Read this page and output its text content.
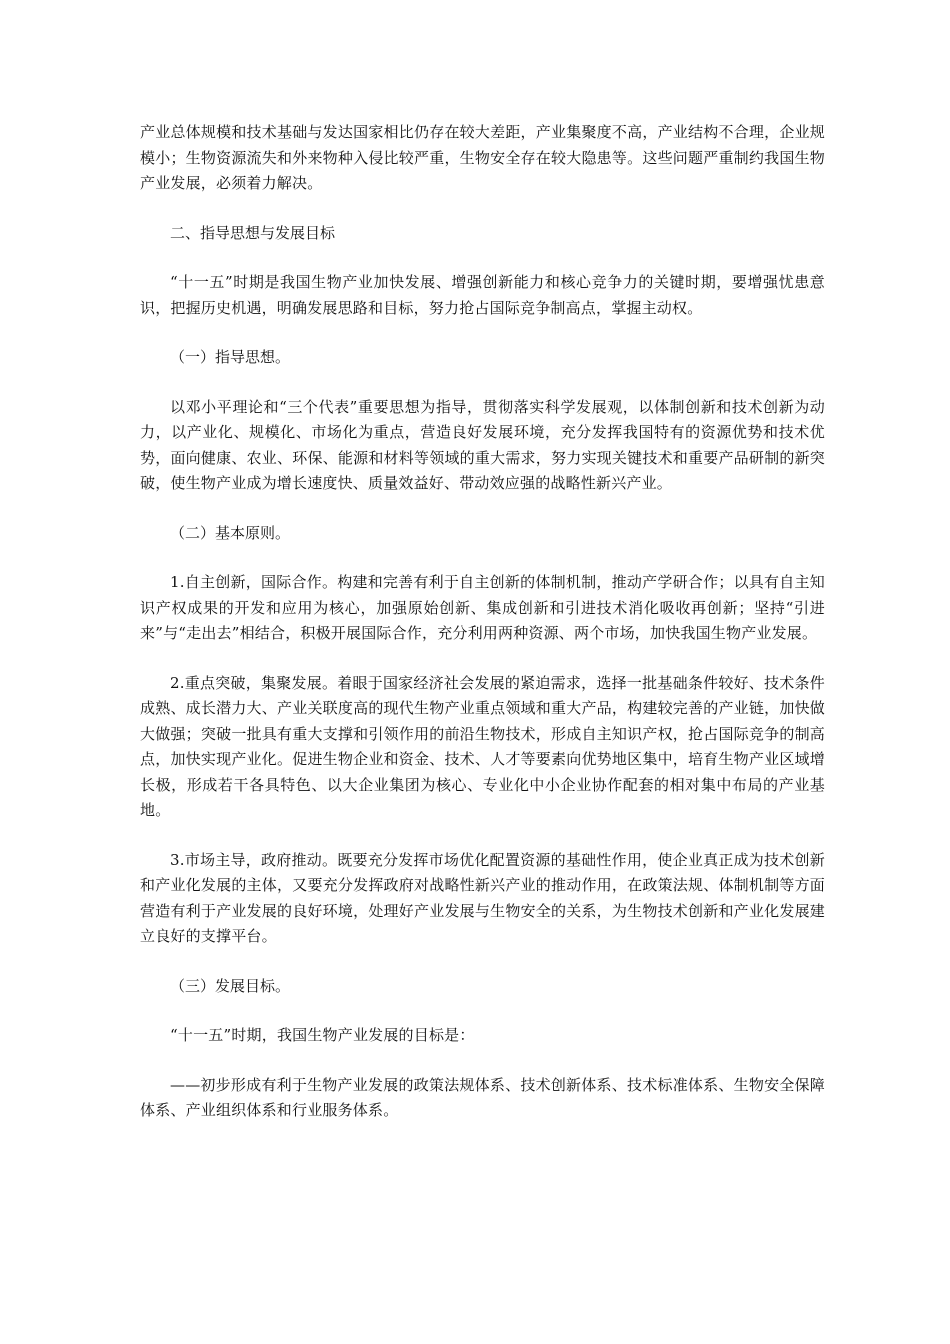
产业总体规模和技术基础与发达国家相比仍存在较大差距，产业集聚度不高，产业结构不合理，企业规模小；生物资源流失和外来物种入侵比较严重，生物安全存在较大隐患等。这些问题严重制约我国生物产业发展，必须着力解决。

二、指导思想与发展目标

“十一五”时期是我国生物产业加快发展、增强创新能力和核心竞争力的关键时期，要增强忧患意识，把握历史机遇，明确发展思路和目标，努力抢占国际竞争制高点，掌握主动权。

（一）指导思想。

以邓小平理论和“三个代表”重要思想为指导，贯彻落实科学发展观，以体制创新和技术创新为动力，以产业化、规模化、市场化为重点，营造良好发展环境，充分发挥我国特有的资源优势和技术优势，面向健康、农业、环保、能源和材料等领域的重大需求，努力实现关键技术和重要产品研制的新突破，使生物产业成为增长速度快、质量效益好、带动效应强的战略性新兴产业。

（二）基本原则。

1.自主创新，国际合作。构建和完善有利于自主创新的体制机制，推动产学研合作；以具有自主知识产权成果的开发和应用为核心，加强原始创新、集成创新和引进技术消化吸收再创新；坚持“引进来”与“走出去”相结合，积极开展国际合作，充分利用两种资源、两个市场，加快我国生物产业发展。

2.重点突破，集聚发展。着眼于国家经济社会发展的紧迫需求，选择一批基础条件较好、技术条件成熟、成长潜力大、产业关联度高的现代生物产业重点领域和重大产品，构建较完善的产业链，加快做大做强；突破一批具有重大支撑和引领作用的前沿生物技术，形成自主知识产权，抢占国际竞争的制高点，加快实现产业化。促进生物企业和资金、技术、人才等要素向优势地区集中，培育生物产业区域增长极，形成若干各具特色、以大企业集团为核心、专业化中小企业协作配套的相对集中布局的产业基地。

3.市场主导，政府推动。既要充分发挥市场优化配置资源的基础性作用，使企业真正成为技术创新和产业化发展的主体，又要充分发挥政府对战略性新兴产业的推动作用，在政策法规、体制机制等方面营造有利于产业发展的良好环境，处理好产业发展与生物安全的关系，为生物技术创新和产业化发展建立良好的支撑平台。

（三）发展目标。

“十一五”时期，我国生物产业发展的目标是：

——初步形成有利于生物产业发展的政策法规体系、技术创新体系、技术标准体系、生物安全保障体系、产业组织体系和行业服务体系。
